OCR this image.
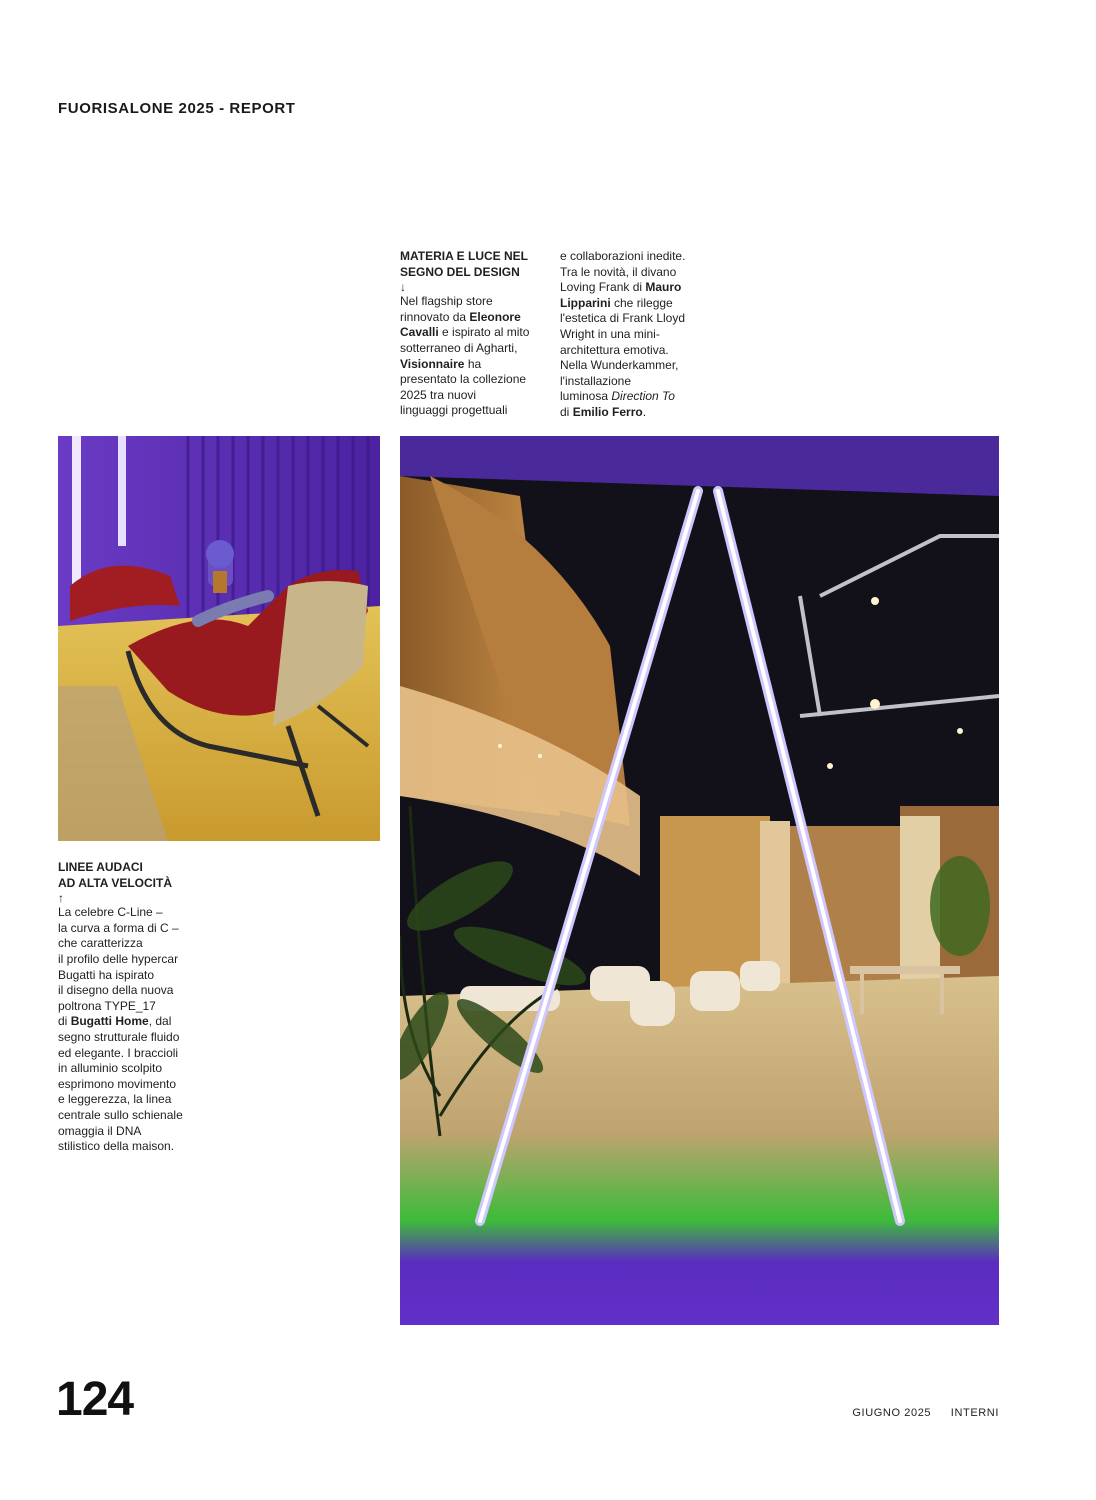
FUORISALONE 2025 - REPORT
MATERIA E LUCE NEL
SEGNO DEL DESIGN
↓
Nel flagship store
rinnovato da Eleonore
Cavalli e ispirato al mito
sotterraneo di Agharti,
Visionnaire ha
presentato la collezione
2025 tra nuovi
linguaggi progettuali
e collaborazioni inedite.
Tra le novità, il divano
Loving Frank di Mauro
Lipparini che rilegge
l'estetica di Frank Lloyd
Wright in una mini-
architettura emotiva.
Nella Wunderkammer,
l'installazione
luminosa Direction To
di Emilio Ferro.
LINEE AUDACI
AD ALTA VELOCITÀ
↑
La celebre C-Line –
la curva a forma di C –
che caratterizza
il profilo delle hypercar
Bugatti ha ispirato
il disegno della nuova
poltrona TYPE_17
di Bugatti Home, dal
segno strutturale fluido
ed elegante. I braccioli
in alluminio scolpito
esprimono movimento
e leggerezza, la linea
centrale sullo schienale
omaggia il DNA
stilistico della maison.
124	GIUGNO 2025 INTERNI
